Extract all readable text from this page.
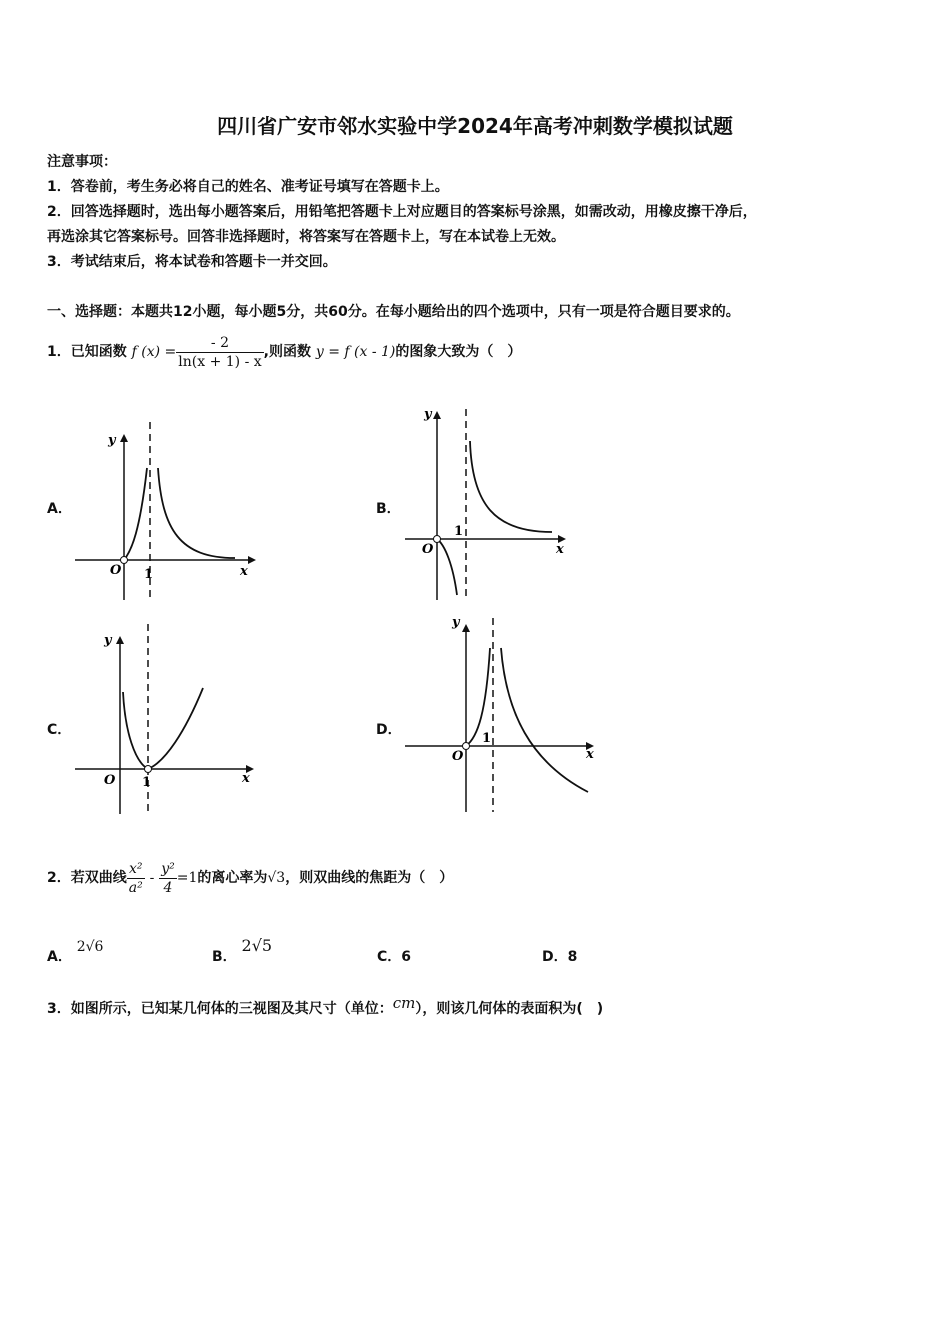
四川省广安市邻水实验中学2024年高考冲刺数学模拟试题
注意事项：
1．答卷前，考生务必将自己的姓名、准考证号填写在答题卡上。
2．回答选择题时，选出每小题答案后，用铅笔把答题卡上对应题目的答案标号涂黑，如需改动，用橡皮擦干净后，
再选涂其它答案标号。回答非选择题时，将答案写在答题卡上，写在本试卷上无效。
3．考试结束后，将本试卷和答题卡一并交回。
一、选择题：本题共12小题，每小题5分，共60分。在每小题给出的四个选项中，只有一项是符合题目要求的。
1．已知函数 f $(x) = \frac{- 2}{\ln(x + 1) - x}$ ,则函数 y = f (x - 1)的图象大致为（　）
A．	B．
C．	D．
y
x
O 1
y
x
O
1
y
x
O 1
y
x
O
1
2．若双曲线 $\frac{\text{x²}}{\text{a²}} - \frac{\text{y²}}{4} =1$的离心率为√3，则双曲线的焦距为（　）
A． 2√6
B． 2√5
C．6	D．8
3．如图所示，已知某几何体的三视图及其尺寸（单位：cm），则该几何体的表面积为(　)
